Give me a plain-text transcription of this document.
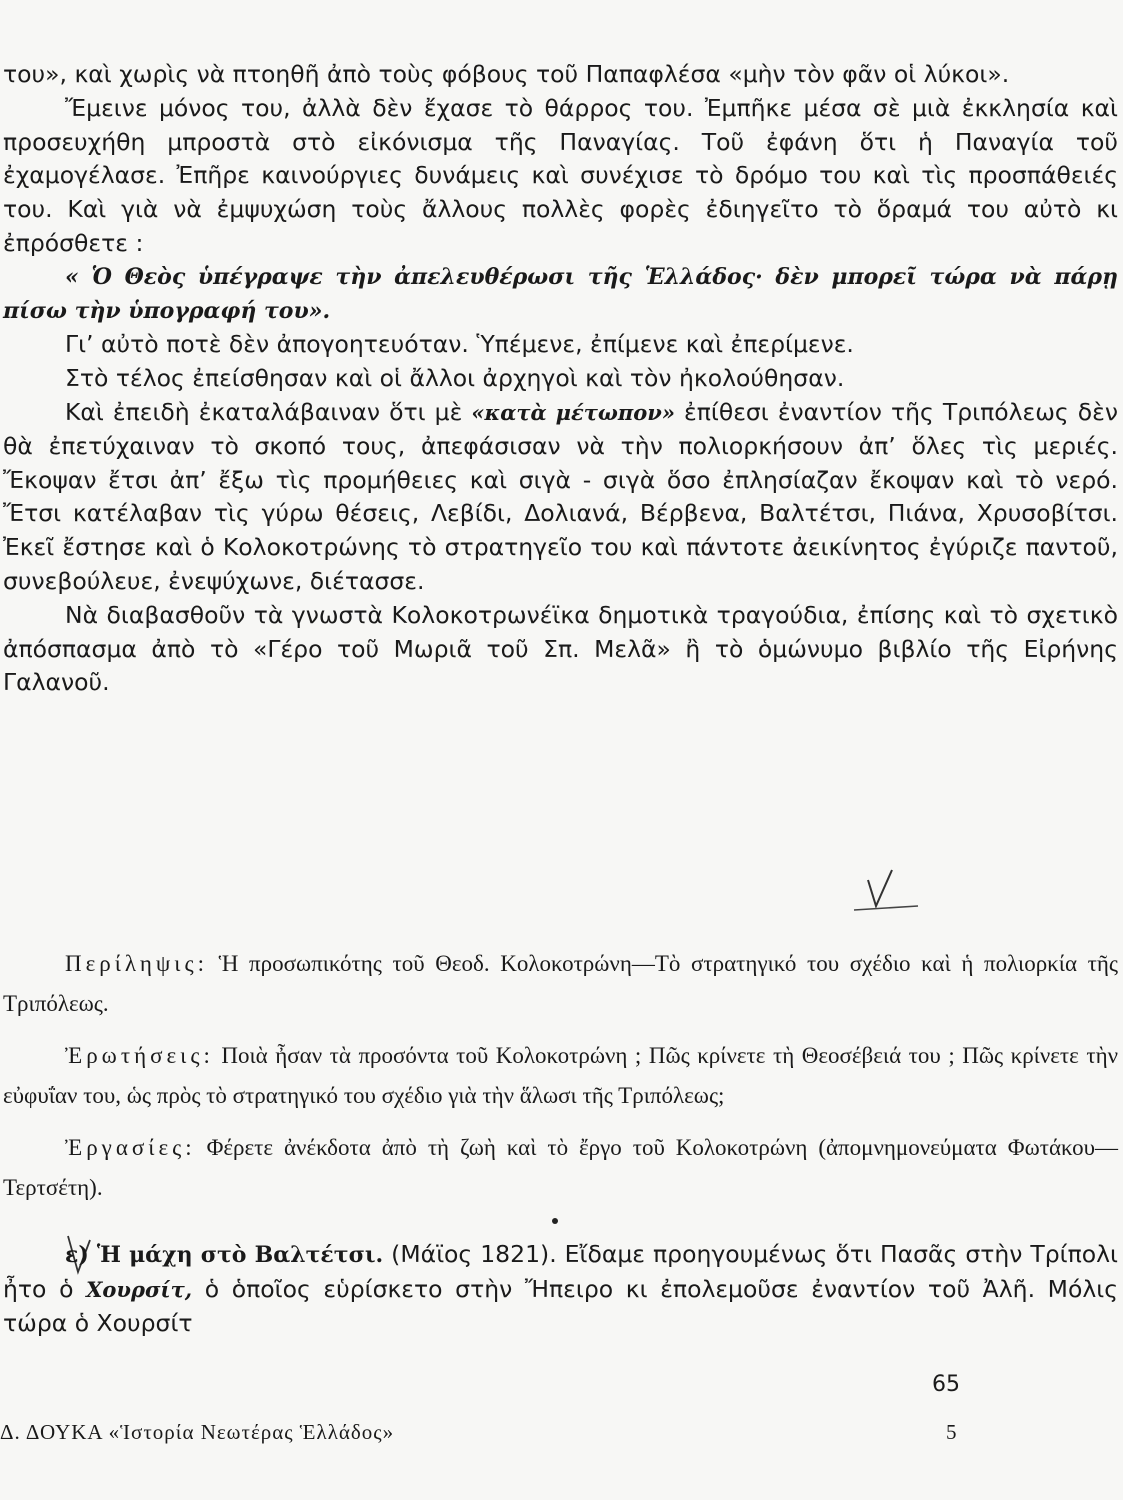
του», καὶ χωρὶς νὰ πτοηθῆ ἀπὸ τοὺς φόβους τοῦ Παπαφλέσα «μὴν τὸν φᾶν οἱ λύκοι».

Ἔμεινε μόνος του, ἀλλὰ δὲν ἔχασε τὸ θάρρος του. Ἐμπῆκε μέσα σὲ μιὰ ἐκκλησία καὶ προσευχήθη μπροστὰ στὸ εἰκόνισμα τῆς Παναγίας. Τοῦ ἐφάνη ὅτι ἡ Παναγία τοῦ ἐχαμογέλασε. Ἐπῆρε καινούργιες δυνάμεις καὶ συνέχισε τὸ δρόμο του καὶ τὶς προσπάθειές του. Καὶ γιὰ νὰ ἐμψυχώση τοὺς ἄλλους πολλὲς φορὲς ἐδιηγεῖτο τὸ ὅραμά του αὐτὸ κι ἐπρόσθετε :

« Ὁ Θεὸς ὑπέγραψε τὴν ἀπελευθέρωσι τῆς Ἑλλάδος· δὲν μπορεῖ τώρα νὰ πάρῃ πίσω τὴν ὑπογραφή του».

Γι’ αὐτὸ ποτὲ δὲν ἀπογοητευόταν. Ὑπέμενε, ἐπίμενε καὶ ἐπερίμενε.

Στὸ τέλος ἐπείσθησαν καὶ οἱ ἄλλοι ἀρχηγοὶ καὶ τὸν ἠκολούθησαν.

Καὶ ἐπειδὴ ἐκαταλάβαιναν ὅτι μὲ «κατὰ μέτωπον» ἐπίθεσι ἐναντίον τῆς Τριπόλεως δὲν θὰ ἐπετύχαιναν τὸ σκοπό τους, ἀπεφάσισαν νὰ τὴν πολιορκήσουν ἀπ’ ὅλες τὶς μεριές. Ἔκοψαν ἔτσι ἀπ’ ἔξω τὶς προμήθειες καὶ σιγὰ - σιγὰ ὅσο ἐπλησίαζαν ἔκοψαν καὶ τὸ νερό. Ἔτσι κατέλαβαν τὶς γύρω θέσεις, Λεβίδι, Δολιανά, Βέρβενα, Βαλτέτσι, Πιάνα, Χρυσοβίτσι. Ἐκεῖ ἔστησε καὶ ὁ Κολοκοτρώνης τὸ στρατηγεῖο του καὶ πάντοτε ἀεικίνητος ἐγύριζε παντοῦ, συνεβούλευε, ἐνεψύχωνε, διέτασσε.

Νὰ διαβασθοῦν τὰ γνωστὰ Κολοκοτρωνέϊκα δημοτικὰ τραγούδια, ἐπίσης καὶ τὸ σχετικὸ ἀπόσπασμα ἀπὸ τὸ «Γέρο τοῦ Μωριᾶ τοῦ Σπ. Μελᾶ» ἢ τὸ ὁμώνυμο βιβλίο τῆς Εἰρήνης Γαλανοῦ.

Περίληψις: Ἡ προσωπικότης τοῦ Θεοδ. Κολοκοτρώνη—Τὸ στρατηγικό του σχέδιο καὶ ἡ πολιορκία τῆς Τριπόλεως.

Ἐρωτήσεις: Ποιὰ ἦσαν τὰ προσόντα τοῦ Κολοκοτρώνη ; Πῶς κρίνετε τὴ Θεοσέβειά του ; Πῶς κρίνετε τὴν εὐφυΐαν του, ὡς πρὸς τὸ στρατηγικό του σχέδιο γιὰ τὴν ἅλωσι τῆς Τριπόλεως;

Ἐργασίες: Φέρετε ἀνέκδοτα ἀπὸ τὴ ζωὴ καὶ τὸ ἔργο τοῦ Κολοκοτρώνη (ἀπομνημονεύματα Φωτάκου—Τερτσέτη).

ε) Ἡ μάχη στὸ Βαλτέτσι. (Μάϊος 1821). Εἴδαμε προηγουμένως ὅτι Πασᾶς στὴν Τρίπολι ἦτο ὁ Χουρσίτ, ὁ ὁποῖος εὑρίσκετο στὴν Ἤπειρο κι ἐπολεμοῦσε ἐναντίον τοῦ Ἀλῆ. Μόλις τώρα ὁ Χουρσίτ

65
Δ. ΔΟΥΚΑ «Ἱστορία Νεωτέρας Ἑλλάδος»	5
